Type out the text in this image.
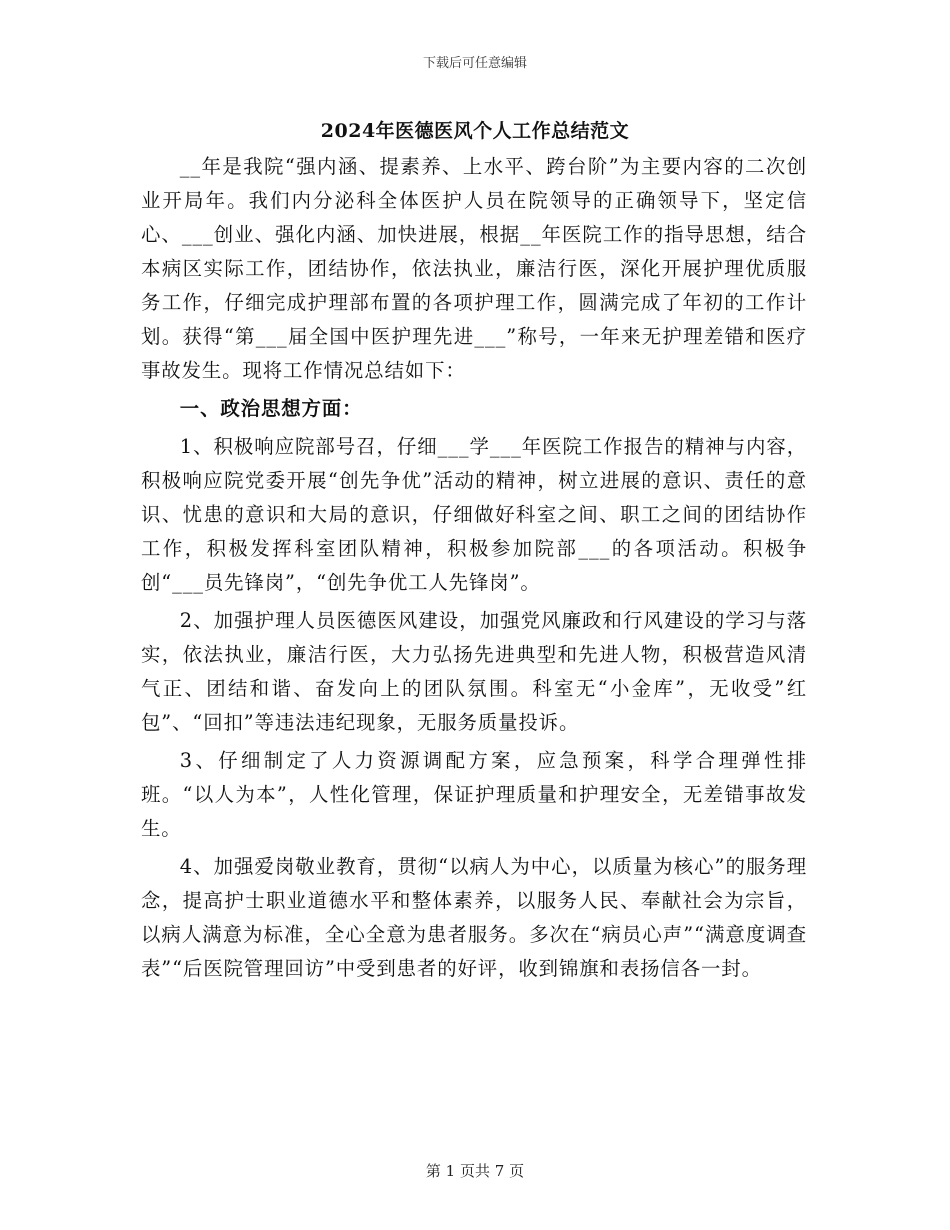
下载后可任意编辑
2024年医德医风个人工作总结范文

__年是我院“强内涵、提素养、上水平、跨台阶”为主要内容的二次创业开局年。我们内分泌科全体医护人员在院领导的正确领导下，坚定信心、___创业、强化内涵、加快进展，根据__年医院工作的指导思想，结合本病区实际工作，团结协作，依法执业，廉洁行医，深化开展护理优质服务工作，仔细完成护理部布置的各项护理工作，圆满完成了年初的工作计划。获得“第___届全国中医护理先进___”称号，一年来无护理差错和医疗事故发生。现将工作情况总结如下：

一、政治思想方面：

1、积极响应院部号召，仔细___学___年医院工作报告的精神与内容，积极响应院党委开展“创先争优”活动的精神，树立进展的意识、责任的意识、忧患的意识和大局的意识，仔细做好科室之间、职工之间的团结协作工作，积极发挥科室团队精神，积极参加院部___的各项活动。积极争创“___员先锋岗”，“创先争优工人先锋岗”。

2、加强护理人员医德医风建设，加强党风廉政和行风建设的学习与落实，依法执业，廉洁行医，大力弘扬先进典型和先进人物，积极营造风清气正、团结和谐、奋发向上的团队氛围。科室无“小金库”，无收受”红包”、“回扣”等违法违纪现象，无服务质量投诉。

3、仔细制定了人力资源调配方案，应急预案，科学合理弹性排班。“以人为本”，人性化管理，保证护理质量和护理安全，无差错事故发生。

4、加强爱岗敬业教育，贯彻“以病人为中心，以质量为核心”的服务理念，提高护士职业道德水平和整体素养，以服务人民、奉献社会为宗旨，以病人满意为标准，全心全意为患者服务。多次在“病员心声”“满意度调查表”“后医院管理回访”中受到患者的好评，收到锦旗和表扬信各一封。

第 1 页共 7 页
